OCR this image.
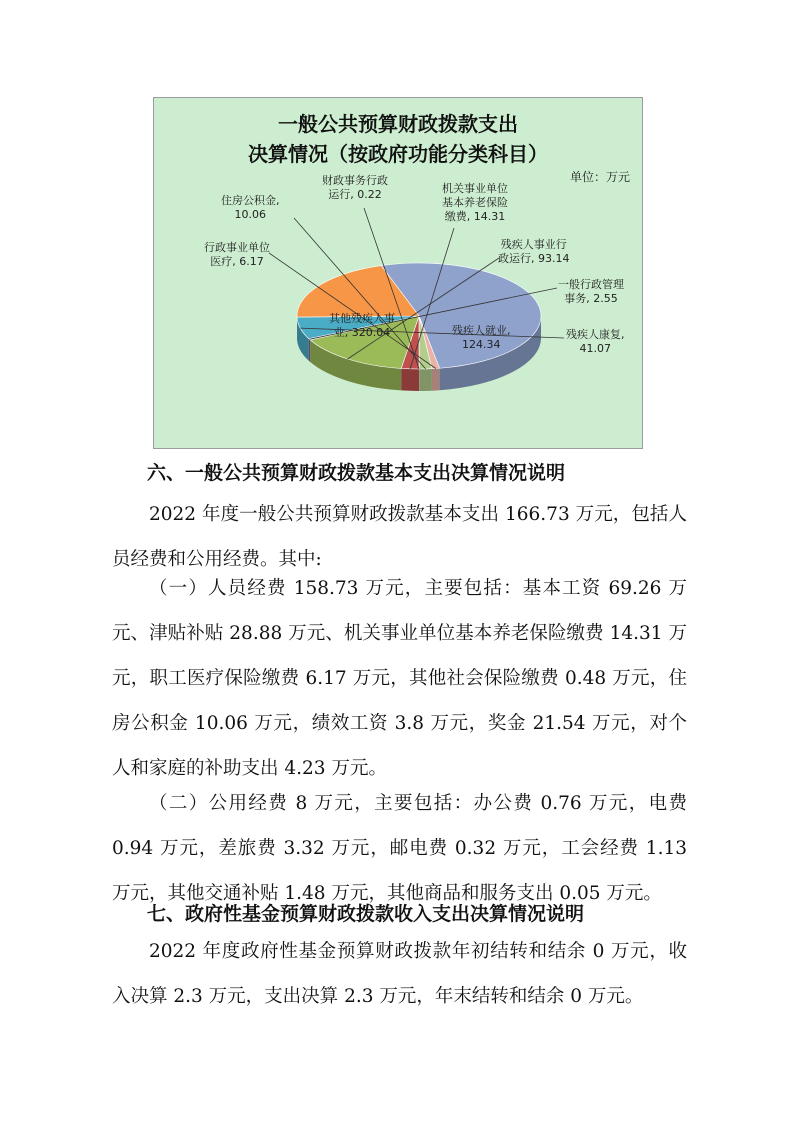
一般公共预算财政拨款支出
决算情况（按政府功能分类科目）
单位：万元
财政事务行政
运行, 0.22
住房公积金,
10.06
行政事业单位
医疗, 6.17
机关事业单位
基本养老保险
缴费, 14.31
残疾人事业行
政运行, 93.14
一般行政管理
事务, 2.55
残疾人康复,
41.07
残疾人就业,
124.34
其他残疾人事
业, 320.04
六、一般公共预算财政拨款基本支出决算情况说明
2022 年度一般公共预算财政拨款基本支出 166.73 万元，包括人员经费和公用经费。其中:
（一）人员经费 158.73 万元，主要包括：基本工资 69.26 万元、津贴补贴 28.88 万元、机关事业单位基本养老保险缴费 14.31 万元，职工医疗保险缴费 6.17 万元，其他社会保险缴费 0.48 万元，住房公积金 10.06 万元，绩效工资 3.8 万元，奖金 21.54 万元，对个人和家庭的补助支出 4.23 万元。
（二）公用经费 8 万元，主要包括：办公费 0.76 万元，电费 0.94 万元，差旅费 3.32 万元，邮电费 0.32 万元，工会经费 1.13 万元，其他交通补贴 1.48 万元，其他商品和服务支出 0.05 万元。
七、政府性基金预算财政拨款收入支出决算情况说明
2022 年度政府性基金预算财政拨款年初结转和结余 0 万元，收入决算 2.3 万元，支出决算 2.3 万元，年末结转和结余 0 万元。
